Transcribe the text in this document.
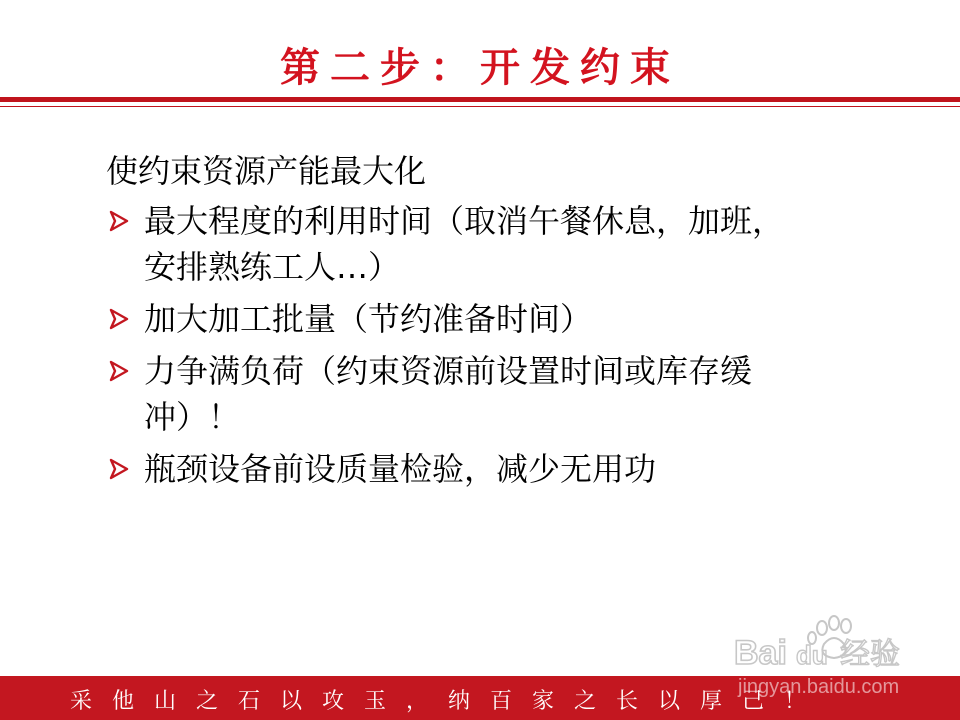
第二步：开发约束
使约束资源产能最大化
最大程度的利用时间（取消午餐休息，加班，
安排熟练工人…）
加大加工批量（节约准备时间）
力争满负荷（约束资源前设置时间或库存缓
冲）！
瓶颈设备前设质量检验，减少无用功
采他山之石以攻玉，纳百家之长以厚己！
Bai du 经验
jingyan.baidu.com
